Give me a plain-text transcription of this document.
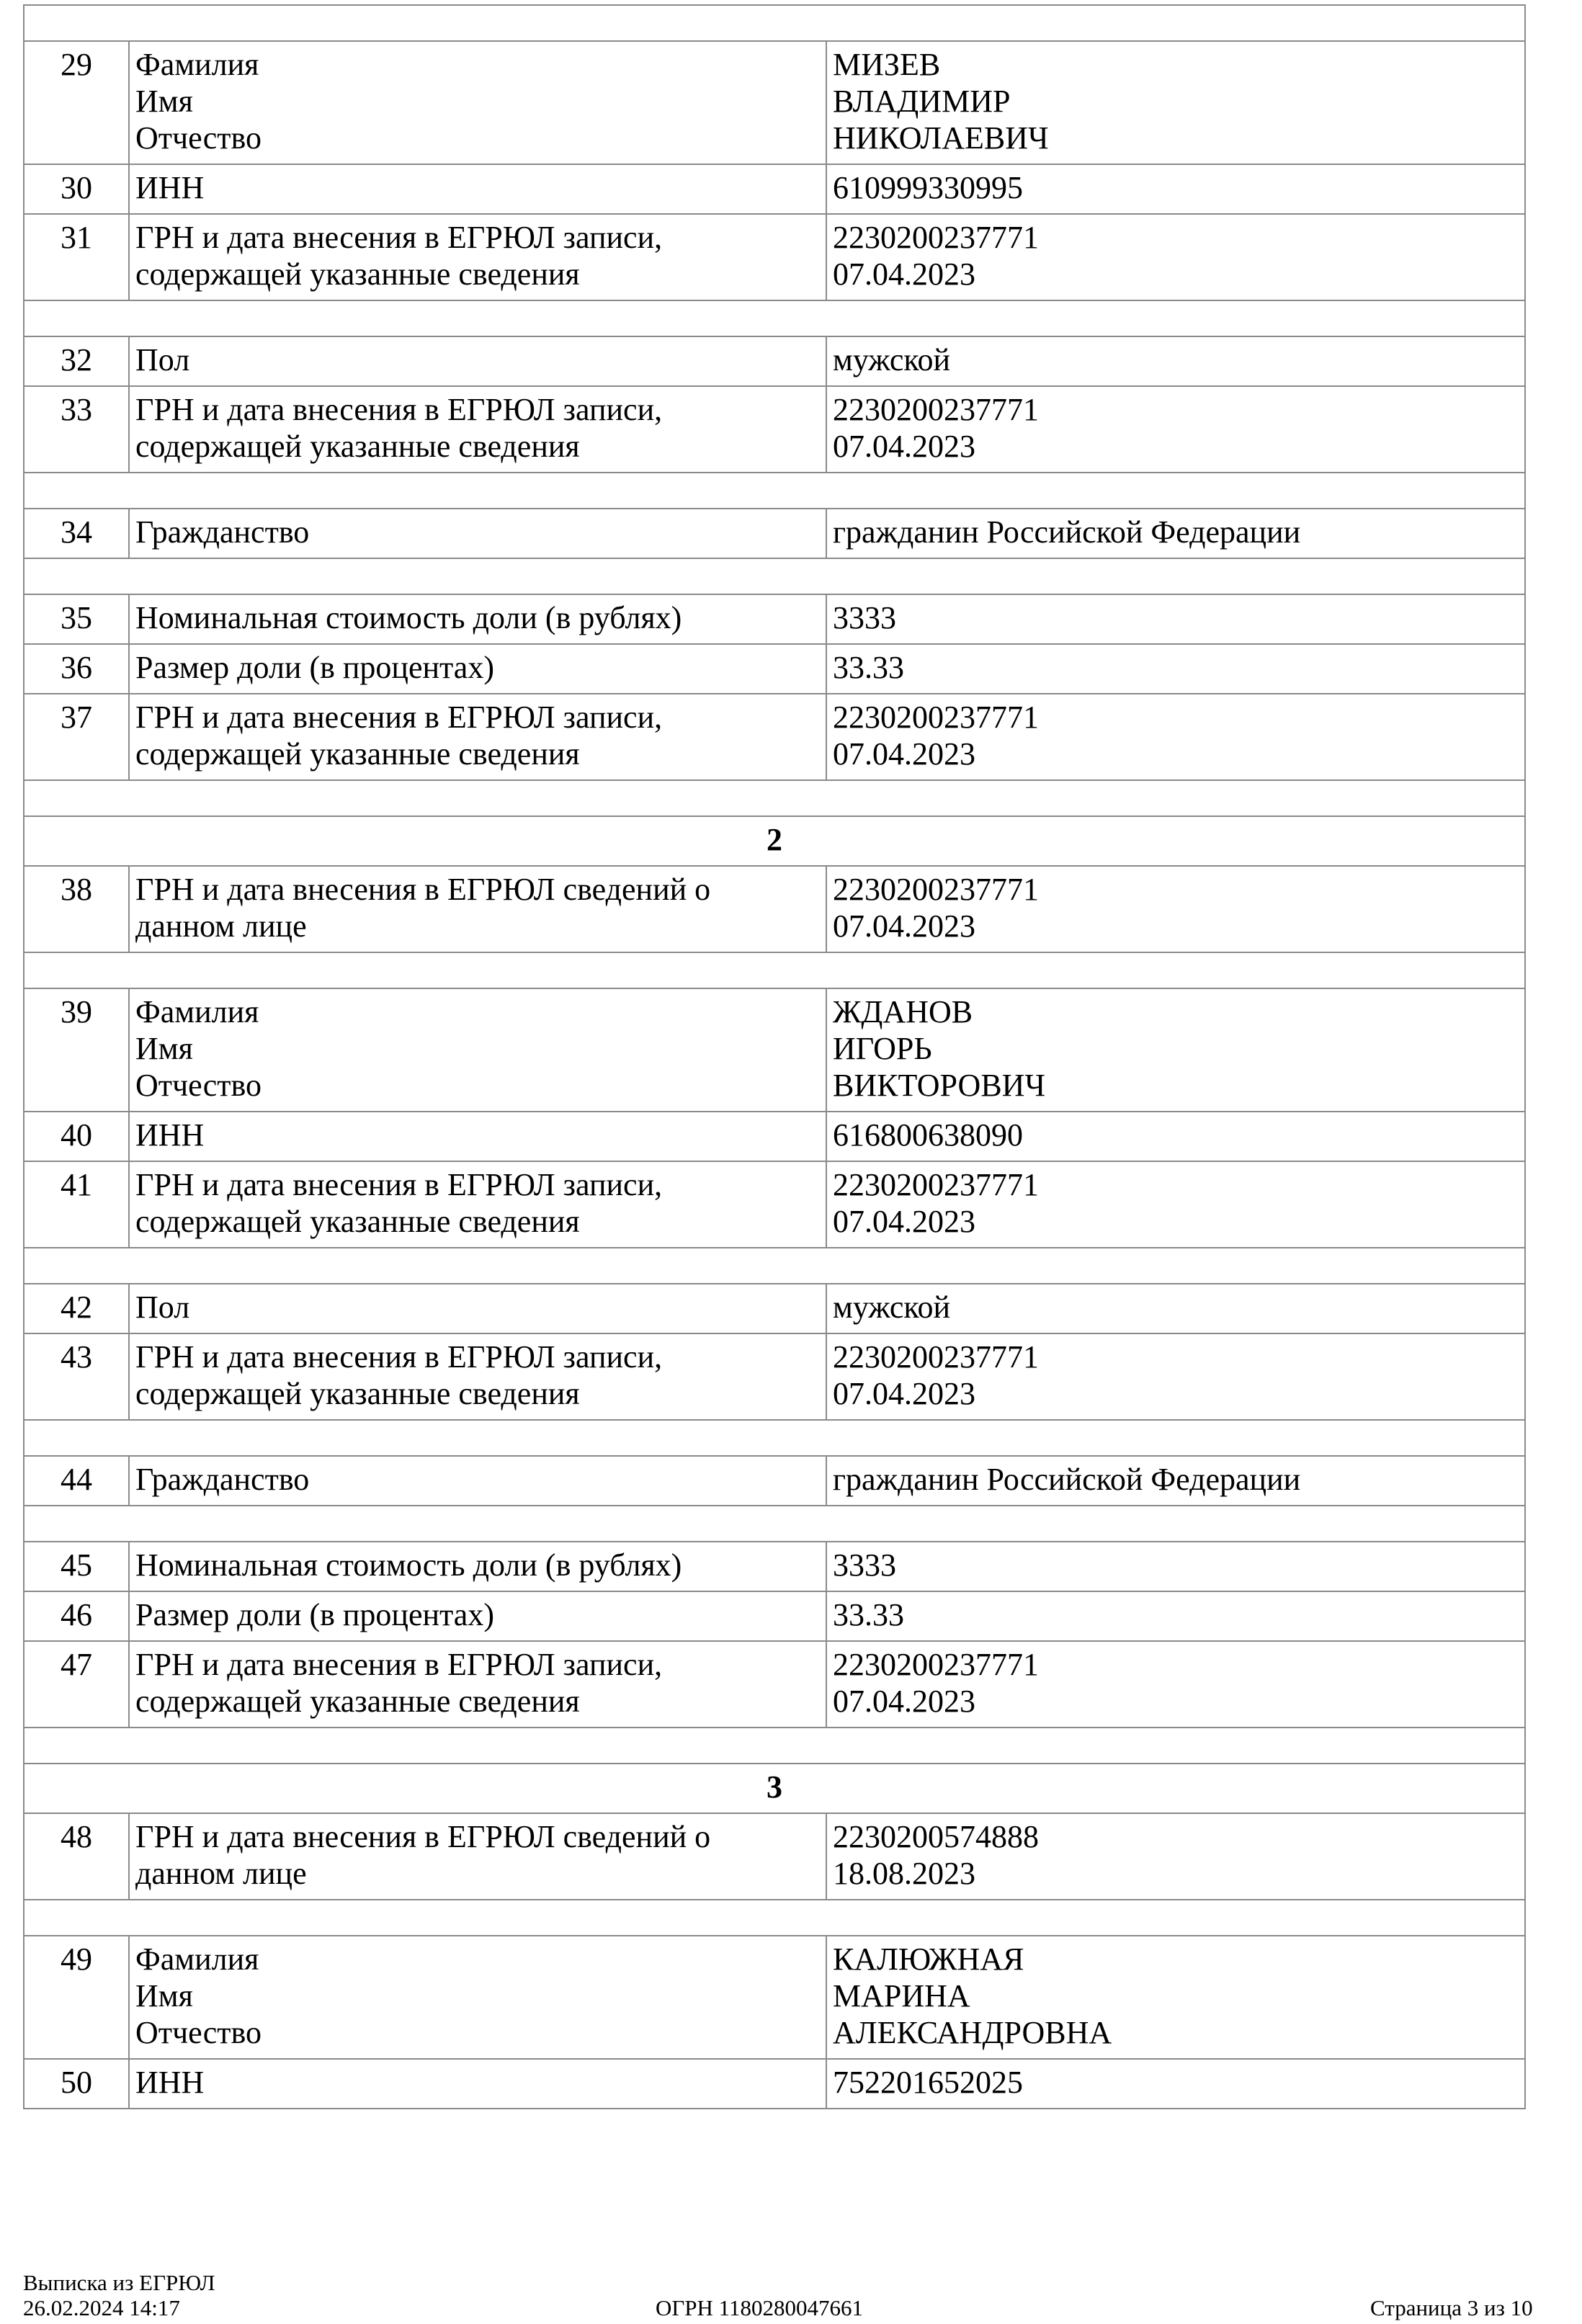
29	Фамилия
Имя
Отчество	МИЗЕВ
ВЛАДИМИР
НИКОЛАЕВИЧ
30	ИНН	610999330995
31	ГРН и дата внесения в ЕГРЮЛ записи,
содержащей указанные сведения	2230200237771
07.04.2023

32	Пол	мужской
33	ГРН и дата внесения в ЕГРЮЛ записи,
содержащей указанные сведения	2230200237771
07.04.2023

34	Гражданство	гражданин Российской Федерации

35	Номинальная стоимость доли (в рублях)	3333
36	Размер доли (в процентах)	33.33
37	ГРН и дата внесения в ЕГРЮЛ записи,
содержащей указанные сведения	2230200237771
07.04.2023

2		
38	ГРН и дата внесения в ЕГРЮЛ сведений о
данном лице	2230200237771
07.04.2023

39	Фамилия
Имя
Отчество	ЖДАНОВ
ИГОРЬ
ВИКТОРОВИЧ
40	ИНН	616800638090
41	ГРН и дата внесения в ЕГРЮЛ записи,
содержащей указанные сведения	2230200237771
07.04.2023

42	Пол	мужской
43	ГРН и дата внесения в ЕГРЮЛ записи,
содержащей указанные сведения	2230200237771
07.04.2023

44	Гражданство	гражданин Российской Федерации

45	Номинальная стоимость доли (в рублях)	3333
46	Размер доли (в процентах)	33.33
47	ГРН и дата внесения в ЕГРЮЛ записи,
содержащей указанные сведения	2230200237771
07.04.2023

3		
48	ГРН и дата внесения в ЕГРЮЛ сведений о
данном лице	2230200574888
18.08.2023

49	Фамилия
Имя
Отчество	КАЛЮЖНАЯ
МАРИНА
АЛЕКСАНДРОВНА
50	ИНН	752201652025
Выписка из ЕГРЮЛ
26.02.2024 14:17	ОГРН 1180280047661	Страница 3 из 10
